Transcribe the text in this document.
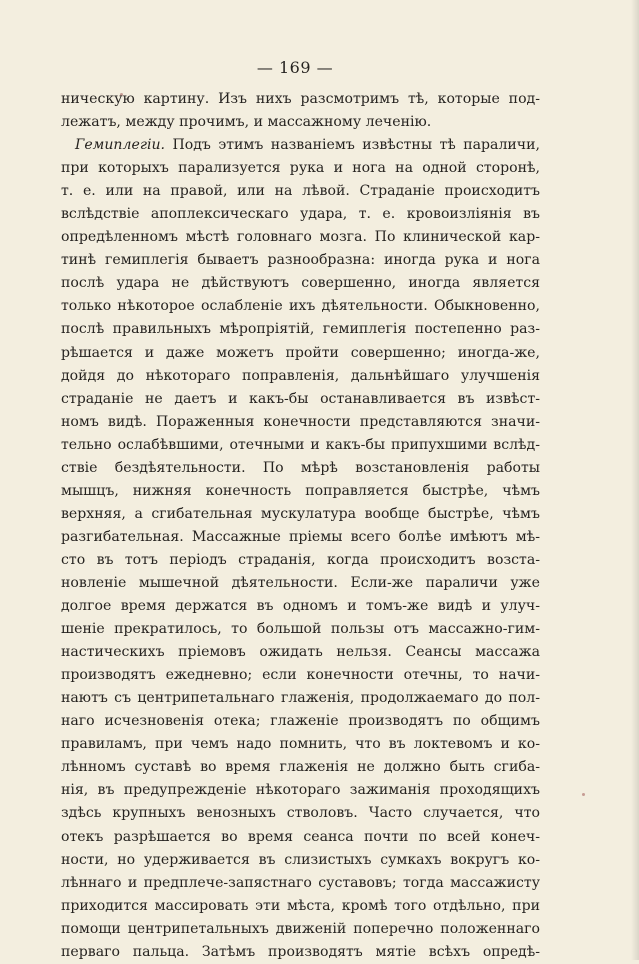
— 169 —
ническую картину. Изъ нихъ разсмотримъ тѣ, которые под-
лежатъ, между прочимъ, и массажному леченію.
Гемиплегіи. Подъ этимъ названіемъ извѣстны тѣ параличи,
при которыхъ парализуется рука и нога на одной сторонѣ,
т. е. или на правой, или на лѣвой. Страданіе происходитъ
вслѣдствіе апоплексическаго удара, т. е. кровоизліянія въ
опредѣленномъ мѣстѣ головнаго мозга. По клинической кар-
тинѣ гемиплегія бываетъ разнообразна: иногда рука и нога
послѣ удара не дѣйствуютъ совершенно, иногда является
только нѣкоторое ослабленіе ихъ дѣятельности. Обыкновенно,
послѣ правильныхъ мѣропріятій, гемиплегія постепенно раз-
рѣшается и даже можетъ пройти совершенно; иногда-же,
дойдя до нѣкотораго поправленія, дальнѣйшаго улучшенія
страданіе не даетъ и какъ-бы останавливается въ извѣст-
номъ видѣ. Пораженныя конечности представляются значи-
тельно ослабѣвшими, отечными и какъ-бы припухшими вслѣд-
ствіе бездѣятельности. По мѣрѣ возстановленія работы
мышцъ, нижняя конечность поправляется быстрѣе, чѣмъ
верхняя, а сгибательная мускулатура вообще быстрѣе, чѣмъ
разгибательная. Массажные пріемы всего болѣе имѣютъ мѣ-
сто въ тотъ періодъ страданія, когда происходитъ возста-
новленіе мышечной дѣятельности. Если-же параличи уже
долгое время держатся въ одномъ и томъ-же видѣ и улуч-
шеніе прекратилось, то большой пользы отъ массажно-гим-
настическихъ пріемовъ ожидать нельзя. Сеансы массажа
производятъ ежедневно; если конечности отечны, то начи-
наютъ съ центрипетальнаго глаженія, продолжаемаго до пол-
наго исчезновенія отека; глаженіе производятъ по общимъ
правиламъ, при чемъ надо помнить, что въ локтевомъ и ко-
лѣнномъ суставѣ во время глаженія не должно быть сгиба-
нія, въ предупрежденіе нѣкотораго зажиманія проходящихъ
здѣсь крупныхъ венозныхъ стволовъ. Часто случается, что
отекъ разрѣшается во время сеанса почти по всей конеч-
ности, но удерживается въ слизистыхъ сумкахъ вокругъ ко-
лѣннаго и предплече-запястнаго суставовъ; тогда массажисту
приходится массировать эти мѣста, кромѣ того отдѣльно, при
помощи центрипетальныхъ движеній поперечно положеннаго
перваго пальца. Затѣмъ производятъ мятіе всѣхъ опредѣ-
